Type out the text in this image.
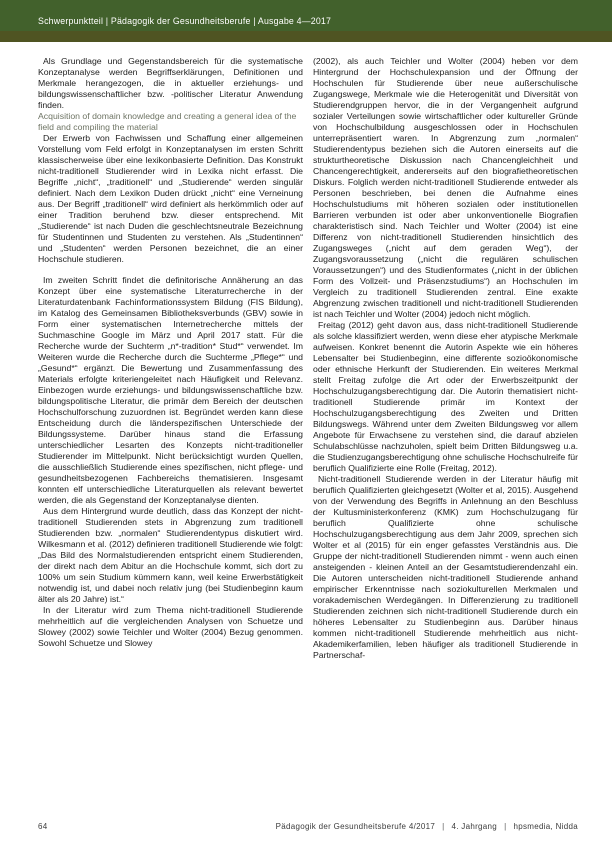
Schwerpunktteil | Pädagogik der Gesundheitsberufe | Ausgabe 4—2017

Als Grundlage und Gegenstandsbereich für die systematische Konzeptanalyse werden Begriffserklärungen, Definitionen und Merkmale herangezogen, die in aktueller erziehungs- und bildungswissenschaftlicher bzw. -politischer Literatur Anwendung finden.

Acquisition of domain knowledge and creating a general idea of the field and compiling the material

Der Erwerb von Fachwissen und Schaffung einer allgemeinen Vorstellung vom Feld erfolgt in Konzeptanalysen im ersten Schritt klassischerweise über eine lexikonbasierte Definition. Das Konstrukt nicht-traditionell Studierender wird in Lexika nicht erfasst. Die Begriffe „nicht“, „traditionell“ und „Studierende“ werden singulär definiert. Nach dem Lexikon Duden drückt „nicht“ eine Verneinung aus. Der Begriff „traditionell“ wird definiert als herkömmlich oder auf einer Tradition beruhend bzw. dieser entsprechend. Mit „Studierende“ ist nach Duden die geschlechtsneutrale Bezeichnung für Studentinnen und Studenten zu verstehen. Als „Studentinnen“ und „Studenten“ werden Personen bezeichnet, die an einer Hochschule studieren.

Im zweiten Schritt findet die definitorische Annäherung an das Konzept über eine systematische Literaturrecherche in der Literaturdatenbank Fachinformationssystem Bildung (FIS Bildung), im Katalog des Gemeinsamen Bibliotheksverbunds (GBV) sowie in Form einer systematischen Internetrecherche mittels der Suchmaschine Google im März und April 2017 statt. Für die Recherche wurde der Suchterm „n*-tradition* Stud*“ verwendet. Im Weiteren wurde die Recherche durch die Suchterme „Pflege*“ und „Gesund*“ ergänzt. Die Bewertung und Zusammenfassung des Materials erfolgte kriteriengeleitet nach Häufigkeit und Relevanz. Einbezogen wurde erziehungs- und bildungswissenschaftliche bzw. bildungspolitische Literatur, die primär dem Bereich der deutschen Hochschulforschung zuzuordnen ist. Begründet werden kann diese Entscheidung durch die länderspezifischen Unterschiede der Bildungssysteme. Darüber hinaus stand die Erfassung unterschiedlicher Lesarten des Konzepts nicht-traditioneller Studierender im Mittelpunkt. Nicht berücksichtigt wurden Quellen, die ausschließlich Studierende eines spezifischen, nicht pflege- und gesundheitsbezogenen Fachbereichs thematisieren. Insgesamt konnten elf unterschiedliche Literaturquellen als relevant bewertet werden, die als Gegenstand der Konzeptanalyse dienten.

Aus dem Hintergrund wurde deutlich, dass das Konzept der nicht-traditionell Studierenden stets in Abgrenzung zum traditionell Studierenden bzw. „normalen“ Studierendentypus diskutiert wird. Wilkesmann et al. (2012) definieren traditionell Studierende wie folgt: „Das Bild des Normalstudierenden entspricht einem Studierenden, der direkt nach dem Abitur an die Hochschule kommt, sich dort zu 100% um sein Studium kümmern kann, weil keine Erwerbstätigkeit notwendig ist, und dabei noch relativ jung (bei Studienbeginn kaum älter als 20 Jahre) ist.“

In der Literatur wird zum Thema nicht-traditionell Studierende mehrheitlich auf die vergleichenden Analysen von Schuetze und Slowey (2002) sowie Teichler und Wolter (2004) Bezug genommen. Sowohl Schuetze und Slowey

(2002), als auch Teichler und Wolter (2004) heben vor dem Hintergrund der Hochschulexpansion und der Öffnung der Hochschulen für Studierende über neue außerschulische Zugangswege, Merkmale wie die Heterogenität und Diversität von Studierendgruppen hervor, die in der Vergangenheit aufgrund sozialer Verteilungen sowie wirtschaftlicher oder kultureller Gründe von Hochschulbildung ausgeschlossen oder in Hochschulen unterrepräsentiert waren. In Abgrenzung zum „normalen“ Studierendentypus beziehen sich die Autoren einerseits auf die strukturtheoretische Diskussion nach Chancengleichheit und Chancengerechtigkeit, andererseits auf den biografietheoretischen Diskurs. Folglich werden nicht-traditionell Studierende entweder als Personen beschrieben, bei denen die Aufnahme eines Hochschulstudiums mit höheren sozialen oder institutionellen Barrieren verbunden ist oder aber unkonventionelle Biografien charakteristisch sind. Nach Teichler und Wolter (2004) ist eine Differenz von nicht-traditionell Studierenden hinsichtlich des Zugangsweges („nicht auf dem geraden Weg“), der Zugangsvoraussetzung („nicht die regulären schulischen Voraussetzungen“) und des Studienformates („nicht in der üblichen Form des Vollzeit- und Präsenzstudiums“) an Hochschulen im Vergleich zu traditionell Studierenden zentral. Eine exakte Abgrenzung zwischen traditionell und nicht-traditionell Studierenden ist nach Teichler und Wolter (2004) jedoch nicht möglich.

Freitag (2012) geht davon aus, dass nicht-traditionell Studierende als solche klassifiziert werden, wenn diese eher atypische Merkmale aufweisen. Konkret benennt die Autorin Aspekte wie ein höheres Lebensalter bei Studienbeginn, eine differente sozioökonomische oder ethnische Herkunft der Studierenden. Ein weiteres Merkmal stellt Freitag zufolge die Art oder der Erwerbszeitpunkt der Hochschulzugangsberechtigung dar. Die Autorin thematisiert nicht-traditionell Studierende primär im Kontext der Hochschulzugangsberechtigung des Zweiten und Dritten Bildungswegs. Während unter dem Zweiten Bildungsweg vor allem Angebote für Erwachsene zu verstehen sind, die darauf abzielen Schulabschlüsse nachzuholen, spielt beim Dritten Bildungsweg u.a. die Studienzugangsberechtigung ohne schulische Hochschulreife für beruflich Qualifizierte eine Rolle (Freitag, 2012).

Nicht-traditionell Studierende werden in der Literatur häufig mit beruflich Qualifizierten gleichgesetzt (Wolter et al, 2015). Ausgehend von der Verwendung des Begriffs in Anlehnung an den Beschluss der Kultusministerkonferenz (KMK) zum Hochschulzugang für beruflich Qualifizierte ohne schulische Hochschulzugangsberechtigung aus dem Jahr 2009, sprechen sich Wolter et al (2015) für ein enger gefasstes Verständnis aus. Die Gruppe der nicht-traditionell Studierenden nimmt - wenn auch einen ansteigenden - kleinen Anteil an der Gesamtstudierendenzahl ein. Die Autoren unterscheiden nicht-traditionell Studierende anhand empirischer Erkenntnisse nach soziokulturellen Merkmalen und vorakademischen Werdegängen. In Differenzierung zu traditionell Studierenden zeichnen sich nicht-traditionell Studierende durch ein höheres Lebensalter zu Studienbeginn aus. Darüber hinaus kommen nicht-traditionell Studierende mehrheitlich aus nicht-Akademikerfamilien, leben häufiger als traditionell Studierende in Partnerschaf-

64	Pädagogik der Gesundheitsberufe 4/2017 | 4. Jahrgang | hpsmedia, Nidda
